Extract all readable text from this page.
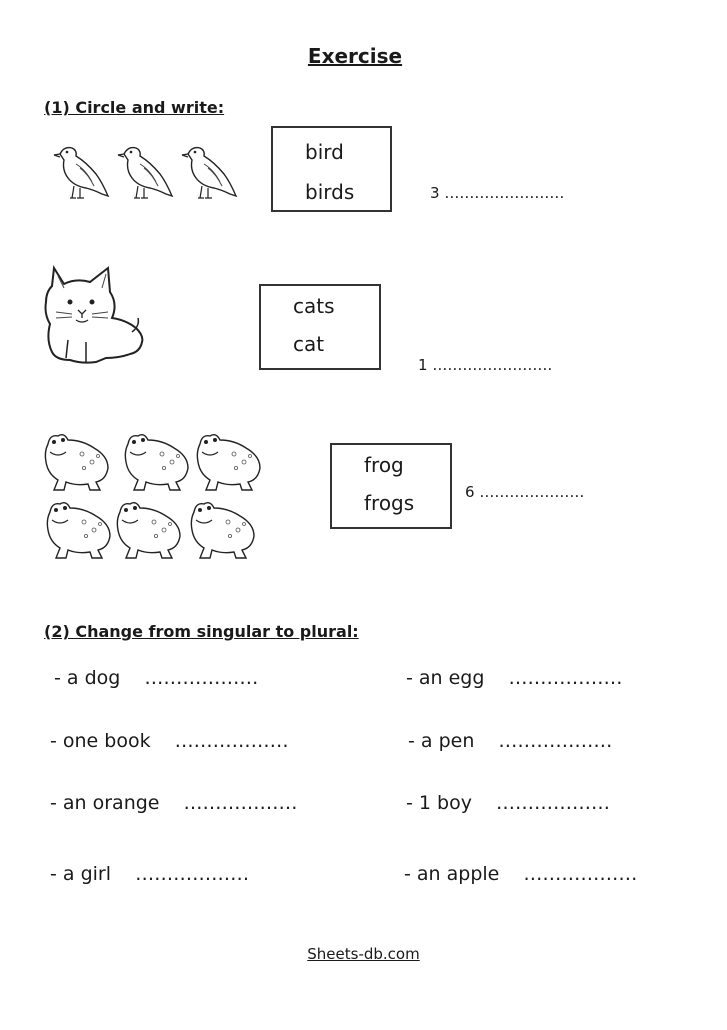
Exercise
(1) Circle and write:
bird
birds	3 ……………………
cats
cat
1 ……………………
frog
frogs	6 …………………
(2) Change from singular to plural:
- a dog ………………	- an egg ………………
- one book ………………	- a pen ………………
- an orange ………………	- 1 boy ………………
- a girl ………………	- an apple ………………
Sheets-db.com
